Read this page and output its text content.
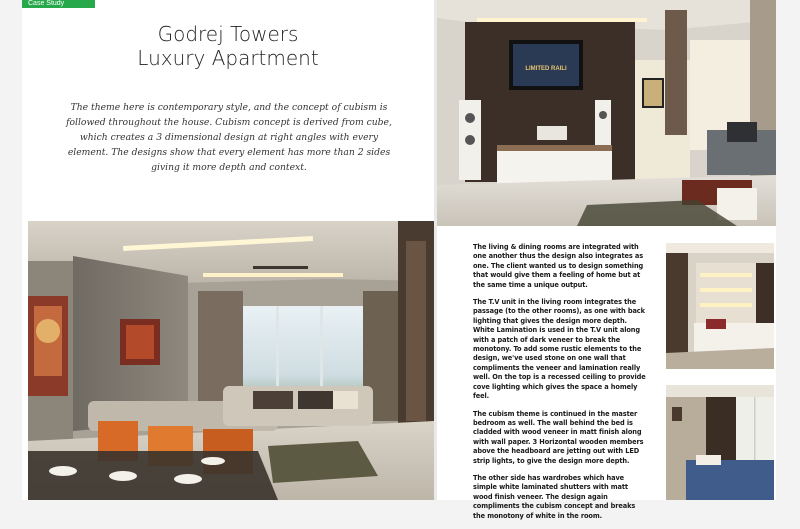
Case Study
Godrej Towers
Luxury Apartment
The theme here is contemporary style, and the concept of cubism is followed throughout the house. Cubism concept is derived from cube, which creates a 3 dimensional design at right angles with every element. The designs show that every element has more than 2 sides giving it more depth and context.
LIMITED RAILI

The living & dining rooms are integrated with one another thus the design also integrates as one. The client wanted us to design something that would give them a feeling of home but at the same time a unique output.

The T.V unit in the living room integrates the passage (to the other rooms), as one with back lighting that gives the design more depth. White Lamination is used in the T.V unit along with a patch of dark veneer to break the monotony. To add some rustic elements to the design, we've used stone on one wall that compliments the veneer and lamination really well. On the top is a recessed ceiling to provide cove lighting which gives the space a homely feel.

The cubism theme is continued in the master bedroom as well. The wall behind the bed is cladded with wood veneer in matt finish along with wall paper. 3 Horizontal wooden members above the headboard are jetting out with LED strip lights, to give the design more depth.

The other side has wardrobes which have simple white laminated shutters with matt wood finish veneer. The design again compliments the cubism concept and breaks the monotony of white in the room.
